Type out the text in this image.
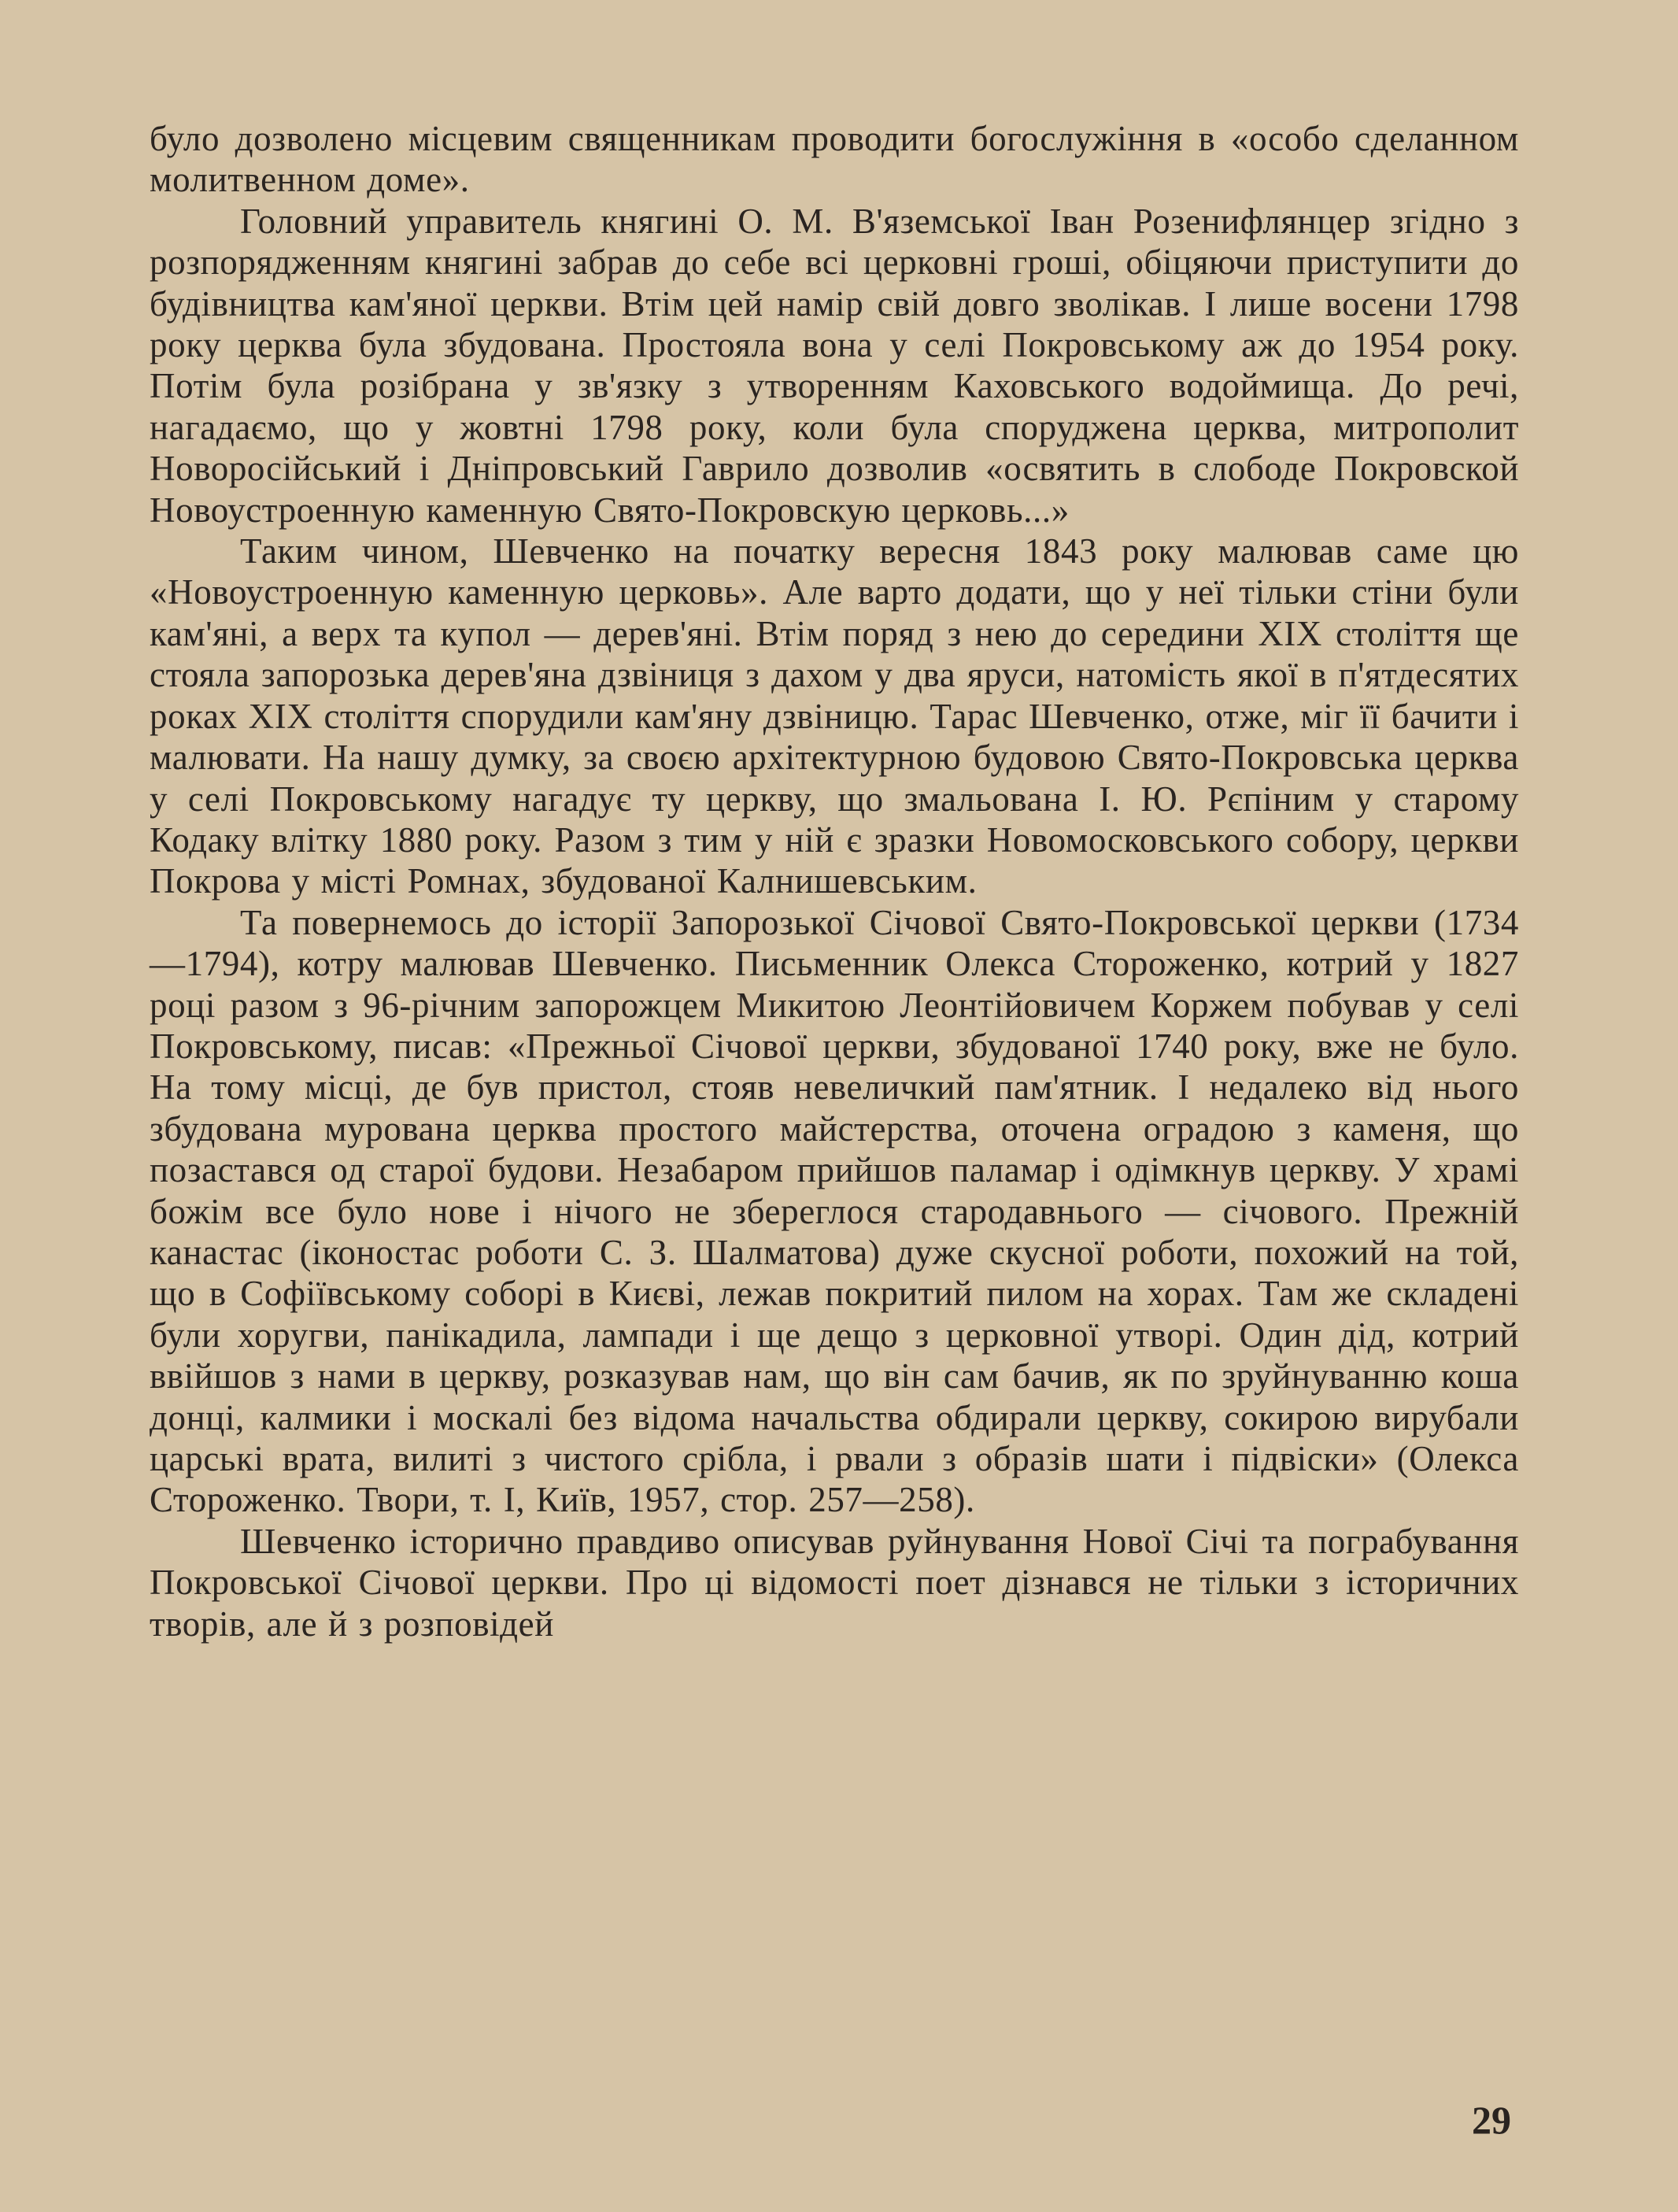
було дозволено місцевим священникам проводити богослужіння в «особо сделанном молитвенном доме».

Головний управитель княгині О. М. В'яземської Іван Розенифлянцер згідно з розпорядженням княгині забрав до себе всі церковні гроші, обіцяючи приступити до будівництва кам'яної церкви. Втім цей намір свій довго зволікав. І лише восени 1798 року церква була збудована. Простояла вона у селі Покровському аж до 1954 року. Потім була розібрана у зв'язку з утворенням Каховського водоймища. До речі, нагадаємо, що у жовтні 1798 року, коли була споруджена церква, митрополит Новоросійський і Дніпровський Гаврило дозволив «освятить в слободе Покровской Новоустроенную каменную Свято-Покровскую церковь...»

Таким чином, Шевченко на початку вересня 1843 року малював саме цю «Новоустроенную каменную церковь». Але варто додати, що у неї тільки стіни були кам'яні, а верх та купол — дерев'яні. Втім поряд з нею до середини XIX століття ще стояла запорозька дерев'яна дзвіниця з дахом у два яруси, натомість якої в п'ятдесятих роках XIX століття спорудили кам'яну дзвіницю. Тарас Шевченко, отже, міг її бачити і малювати. На нашу думку, за своєю архітектурною будовою Свято-Покровська церква у селі Покровському нагадує ту церкву, що змальована І. Ю. Рєпіним у старому Кодаку влітку 1880 року. Разом з тим у ній є зразки Новомосковського собору, церкви Покрова у місті Ромнах, збудованої Калнишевським.

Та повернемось до історії Запорозької Січової Свято-Покровської церкви (1734—1794), котру малював Шевченко. Письменник Олекса Стороженко, котрий у 1827 році разом з 96-річним запорожцем Микитою Леонтійовичем Коржем побував у селі Покровському, писав: «Прежньої Січової церкви, збудованої 1740 року, вже не було. На тому місці, де був пристол, стояв невеличкий пам'ятник. І недалеко від нього збудована мурована церква простого майстерства, оточена оградою з каменя, що позастався од старої будови. Незабаром прийшов паламар і одімкнув церкву. У храмі божім все було нове і нічого не збереглося стародавнього — січового. Прежній канастас (іконостас роботи С. З. Шалматова) дуже скусної роботи, похожий на той, що в Софіївському соборі в Києві, лежав покритий пилом на хорах. Там же складені були хоругви, панікадила, лампади і ще дещо з церковної утворі. Один дід, котрий ввійшов з нами в церкву, розказував нам, що він сам бачив, як по зруйнуванню коша донці, калмики і москалі без відома начальства обдирали церкву, сокирою вирубали царські врата, вилиті з чистого срібла, і рвали з образів шати і підвіски» (Олекса Стороженко. Твори, т. І, Київ, 1957, стор. 257—258).

Шевченко історично правдиво описував руйнування Нової Січі та пограбування Покровської Січової церкви. Про ці відомості поет дізнався не тільки з історичних творів, але й з розповідей

29
